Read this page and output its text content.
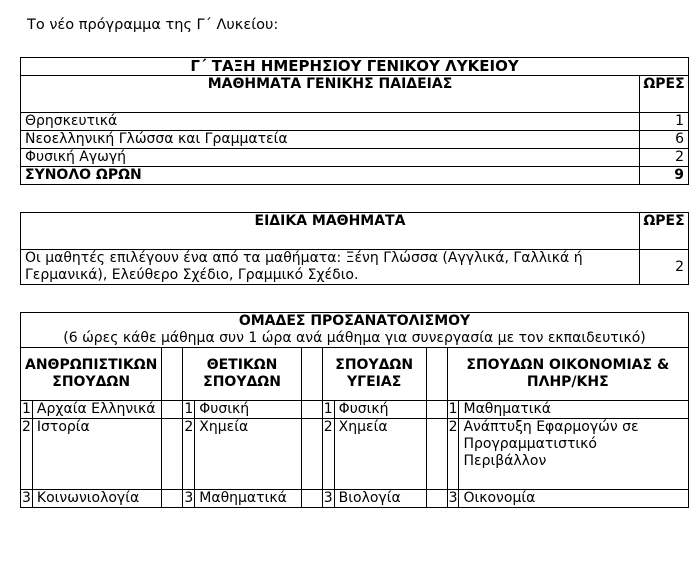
Το νέο πρόγραμμα της Γ΄ Λυκείου:
Γ΄ ΤΑΞΗ ΗΜΕΡΗΣΙΟΥ ΓΕΝΙΚΟΥ ΛΥΚΕΙΟΥ	
ΜΑΘΗΜΑΤΑ ΓΕΝΙΚΗΣ ΠΑΙΔΕΙΑΣ	ΩΡΕΣ
Θρησκευτικά	1
Νεοελληνική Γλώσσα και Γραμματεία	6
Φυσική Αγωγή	2
ΣΥΝΟΛΟ ΩΡΩΝ	9
ΕΙΔΙΚΑ ΜΑΘΗΜΑΤΑ	ΩΡΕΣ
Οι μαθητές επιλέγουν ένα από τα μαθήματα: Ξένη Γλώσσα (Αγγλικά, Γαλλικά ή Γερμανικά), Ελεύθερο Σχέδιο, Γραμμικό Σχέδιο.	2
ΟΜΑΔΕΣ ΠΡΟΣΑΝΑΤΟΛΙΣΜΟΥ
(6 ώρες κάθε μάθημα συν 1 ώρα ανά μάθημα για συνεργασία με τον εκπαιδευτικό)										

ΑΝΘΡΩΠΙΣΤΙΚΩΝ ΣΠΟΥΔΩΝ			ΘΕΤΙΚΩΝ ΣΠΟΥΔΩΝ			ΣΠΟΥΔΩΝ ΥΓΕΙΑΣ			ΣΠΟΥΔΩΝ ΟΙΚΟΝΟΜΙΑΣ & ΠΛΗΡ/ΚΗΣ
1	Αρχαία Ελληνικά		1	Φυσική		1	Φυσική		1	Μαθηματικά
2	Ιστορία		2	Χημεία		2	Χημεία		2	Ανάπτυξη Εφαρμογών σε Προγραμματιστικό Περιβάλλον
3	Κοινωνιολογία		3	Μαθηματικά		3	Βιολογία		3	Οικονομία
